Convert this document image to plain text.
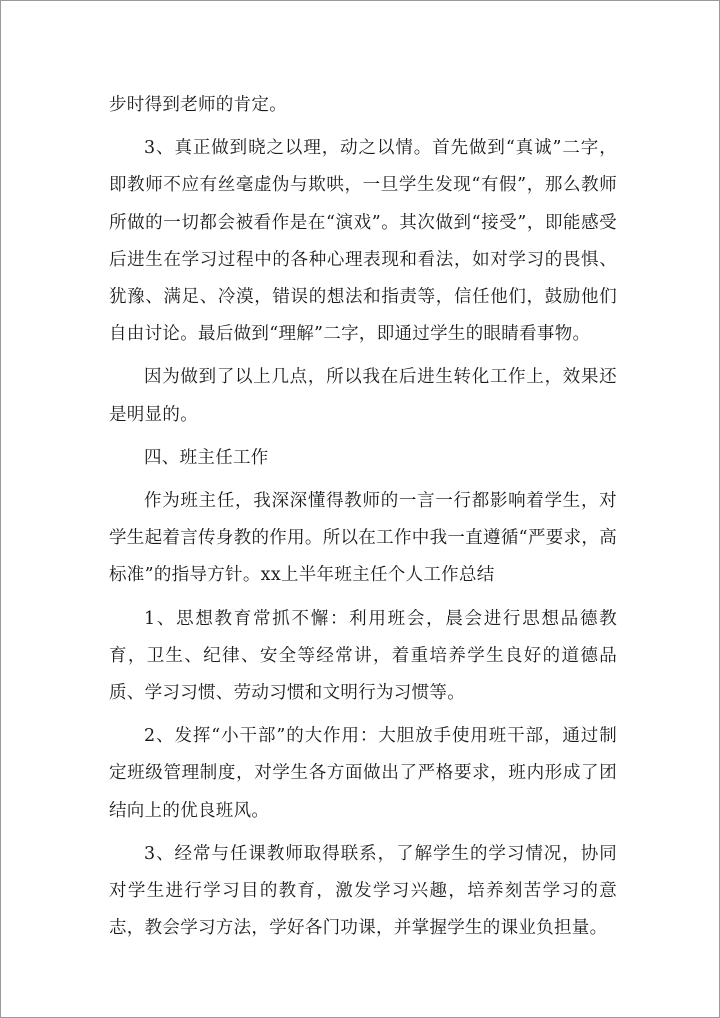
步时得到老师的肯定。

3、真正做到晓之以理，动之以情。首先做到“真诚”二字，即教师不应有丝毫虚伪与欺哄，一旦学生发现“有假”，那么教师所做的一切都会被看作是在“演戏”。其次做到“接受”，即能感受后进生在学习过程中的各种心理表现和看法，如对学习的畏惧、犹豫、满足、冷漠，错误的想法和指责等，信任他们，鼓励他们自由讨论。最后做到“理解”二字，即通过学生的眼睛看事物。

因为做到了以上几点，所以我在后进生转化工作上，效果还是明显的。

四、班主任工作

作为班主任，我深深懂得教师的一言一行都影响着学生，对学生起着言传身教的作用。所以在工作中我一直遵循“严要求，高标准”的指导方针。xx上半年班主任个人工作总结

1、思想教育常抓不懈：利用班会，晨会进行思想品德教育，卫生、纪律、安全等经常讲，着重培养学生良好的道德品质、学习习惯、劳动习惯和文明行为习惯等。

2、发挥“小干部”的大作用：大胆放手使用班干部，通过制定班级管理制度，对学生各方面做出了严格要求，班内形成了团结向上的优良班风。

3、经常与任课教师取得联系，了解学生的学习情况，协同对学生进行学习目的教育，激发学习兴趣，培养刻苦学习的意志，教会学习方法，学好各门功课，并掌握学生的课业负担量。
